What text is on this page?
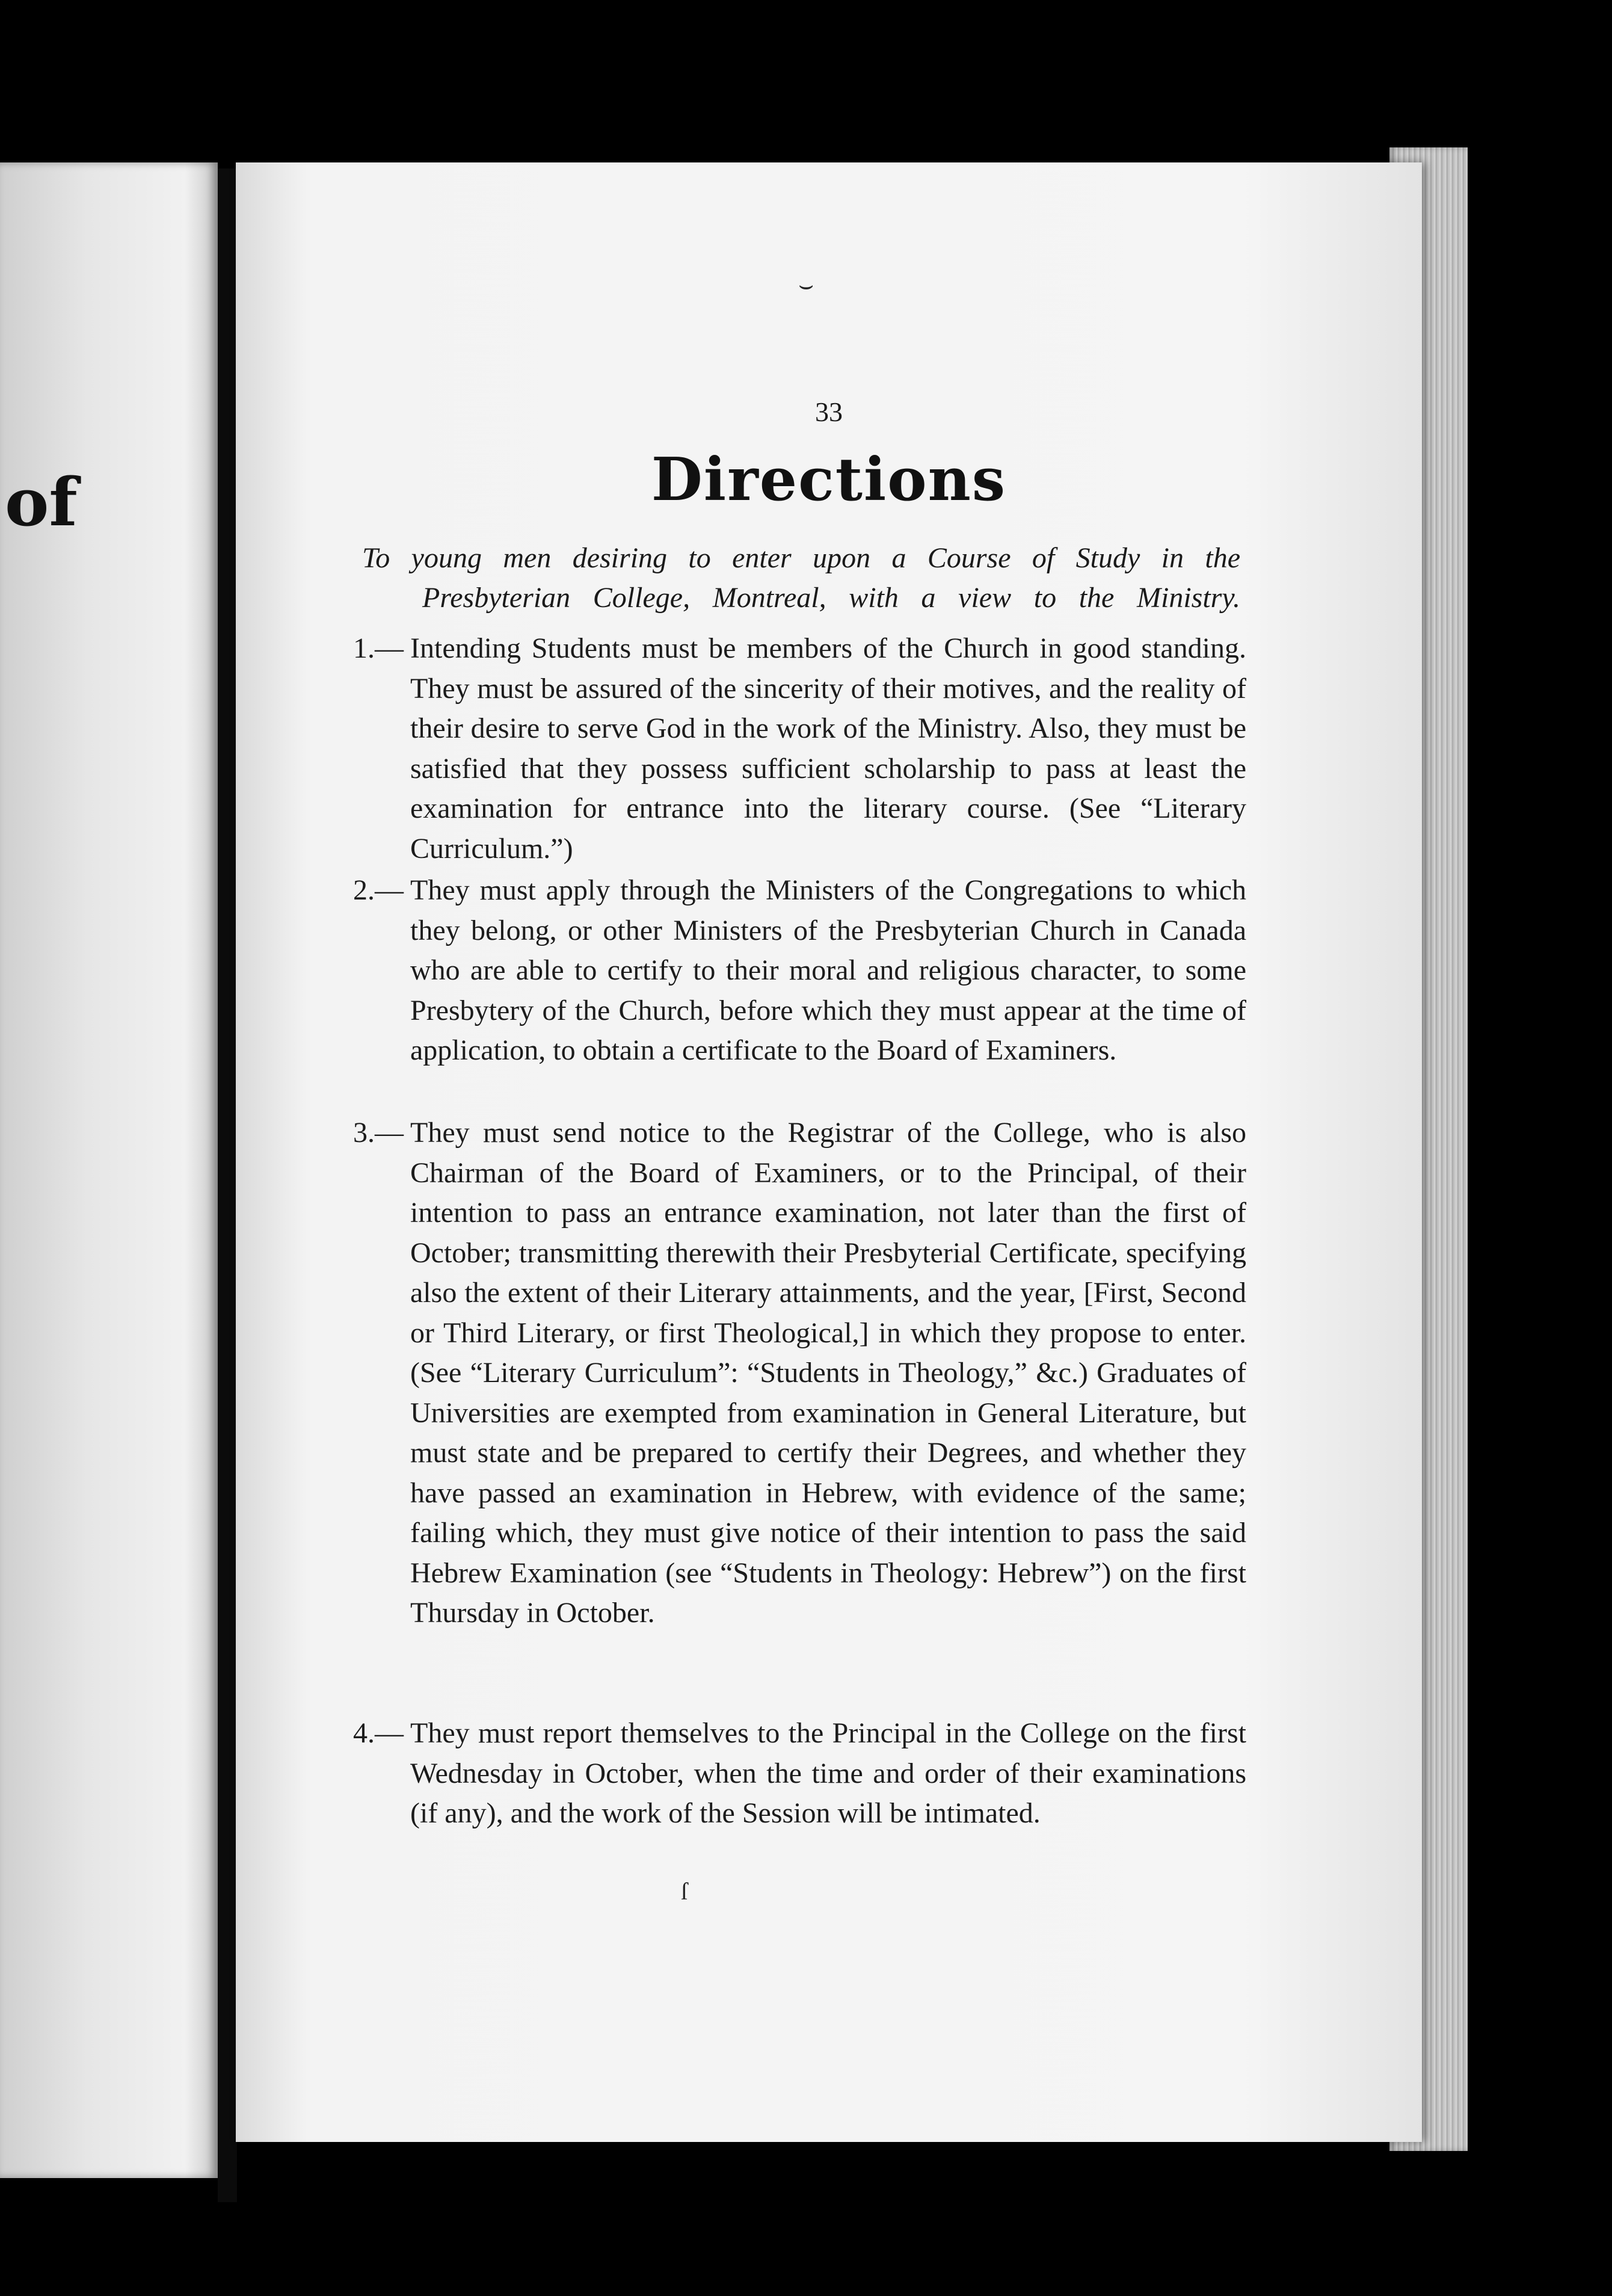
of
⌣
33
Directions
To young men desiring to enter upon a Course of Study in the
Presbyterian College, Montreal, with a view to the Ministry.
1.— Intending Students must be members of the Church in good standing. They must be assured of the sincerity of their motives, and the reality of their desire to serve God in the work of the Ministry. Also, they must be satisfied that they possess sufficient scholarship to pass at least the examination for entrance into the literary course. (See “Literary Curriculum.”)
2.— They must apply through the Ministers of the Congregations to which they belong, or other Ministers of the Presbyterian Church in Canada who are able to certify to their moral and religious character, to some Presbytery of the Church, before which they must appear at the time of application, to obtain a certificate to the Board of Examiners.
3.— They must send notice to the Registrar of the College, who is also Chairman of the Board of Examiners, or to the Principal, of their intention to pass an entrance examination, not later than the first of October; transmitting therewith their Presbyterial Certificate, specifying also the extent of their Literary attainments, and the year, [First, Second or Third Literary, or first Theological,] in which they propose to enter. (See “Literary Curriculum”: “Students in Theology,” &c.) Graduates of Universities are exempted from examination in General Literature, but must state and be prepared to certify their Degrees, and whether they have passed an examination in Hebrew, with evidence of the same; failing which, they must give notice of their intention to pass the said Hebrew Examination (see “Students in Theology: Hebrew”) on the first Thursday in October.
4.— They must report themselves to the Principal in the College on the first Wednesday in October, when the time and order of their examinations (if any), and the work of the Session will be intimated.
ſ
